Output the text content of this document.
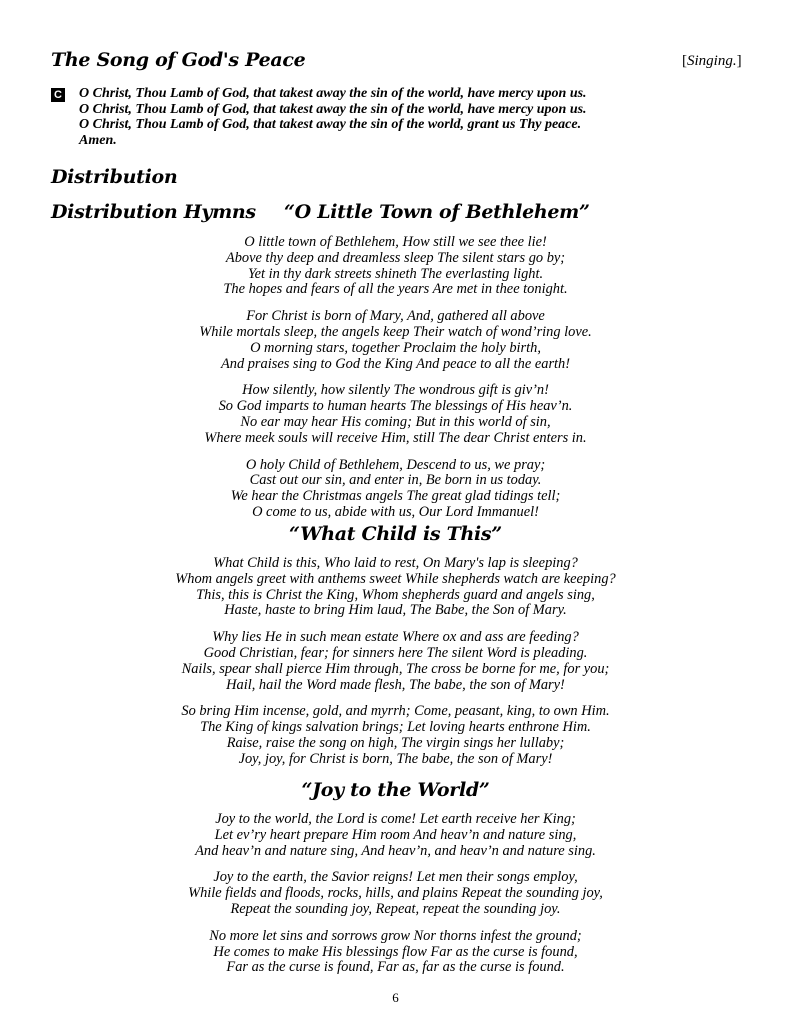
The Song of God's Peace	[Singing.]
C O Christ, Thou Lamb of God, that takest away the sin of the world, have mercy upon us.
O Christ, Thou Lamb of God, that takest away the sin of the world, have mercy upon us.
O Christ, Thou Lamb of God, that takest away the sin of the world, grant us Thy peace.
Amen.
Distribution
Distribution Hymns “O Little Town of Bethlehem”
O little town of Bethlehem, How still we see thee lie!
Above thy deep and dreamless sleep The silent stars go by;
Yet in thy dark streets shineth The everlasting light.
The hopes and fears of all the years Are met in thee tonight.
For Christ is born of Mary, And, gathered all above
While mortals sleep, the angels keep Their watch of wond’ring love.
O morning stars, together Proclaim the holy birth,
And praises sing to God the King And peace to all the earth!
How silently, how silently The wondrous gift is giv’n!
So God imparts to human hearts The blessings of His heav’n.
No ear may hear His coming; But in this world of sin,
Where meek souls will receive Him, still The dear Christ enters in.
O holy Child of Bethlehem, Descend to us, we pray;
Cast out our sin, and enter in, Be born in us today.
We hear the Christmas angels The great glad tidings tell;
O come to us, abide with us, Our Lord Immanuel!
“What Child is This”
What Child is this, Who laid to rest, On Mary's lap is sleeping?
Whom angels greet with anthems sweet While shepherds watch are keeping?
This, this is Christ the King, Whom shepherds guard and angels sing,
Haste, haste to bring Him laud, The Babe, the Son of Mary.
Why lies He in such mean estate Where ox and ass are feeding?
Good Christian, fear; for sinners here The silent Word is pleading.
Nails, spear shall pierce Him through, The cross be borne for me, for you;
Hail, hail the Word made flesh, The babe, the son of Mary!
So bring Him incense, gold, and myrrh; Come, peasant, king, to own Him.
The King of kings salvation brings; Let loving hearts enthrone Him.
Raise, raise the song on high, The virgin sings her lullaby;
Joy, joy, for Christ is born, The babe, the son of Mary!
“Joy to the World”
Joy to the world, the Lord is come! Let earth receive her King;
Let ev’ry heart prepare Him room And heav’n and nature sing,
And heav’n and nature sing, And heav’n, and heav’n and nature sing.
Joy to the earth, the Savior reigns! Let men their songs employ,
While fields and floods, rocks, hills, and plains Repeat the sounding joy,
Repeat the sounding joy, Repeat, repeat the sounding joy.
No more let sins and sorrows grow Nor thorns infest the ground;
He comes to make His blessings flow Far as the curse is found,
Far as the curse is found, Far as, far as the curse is found.
6
